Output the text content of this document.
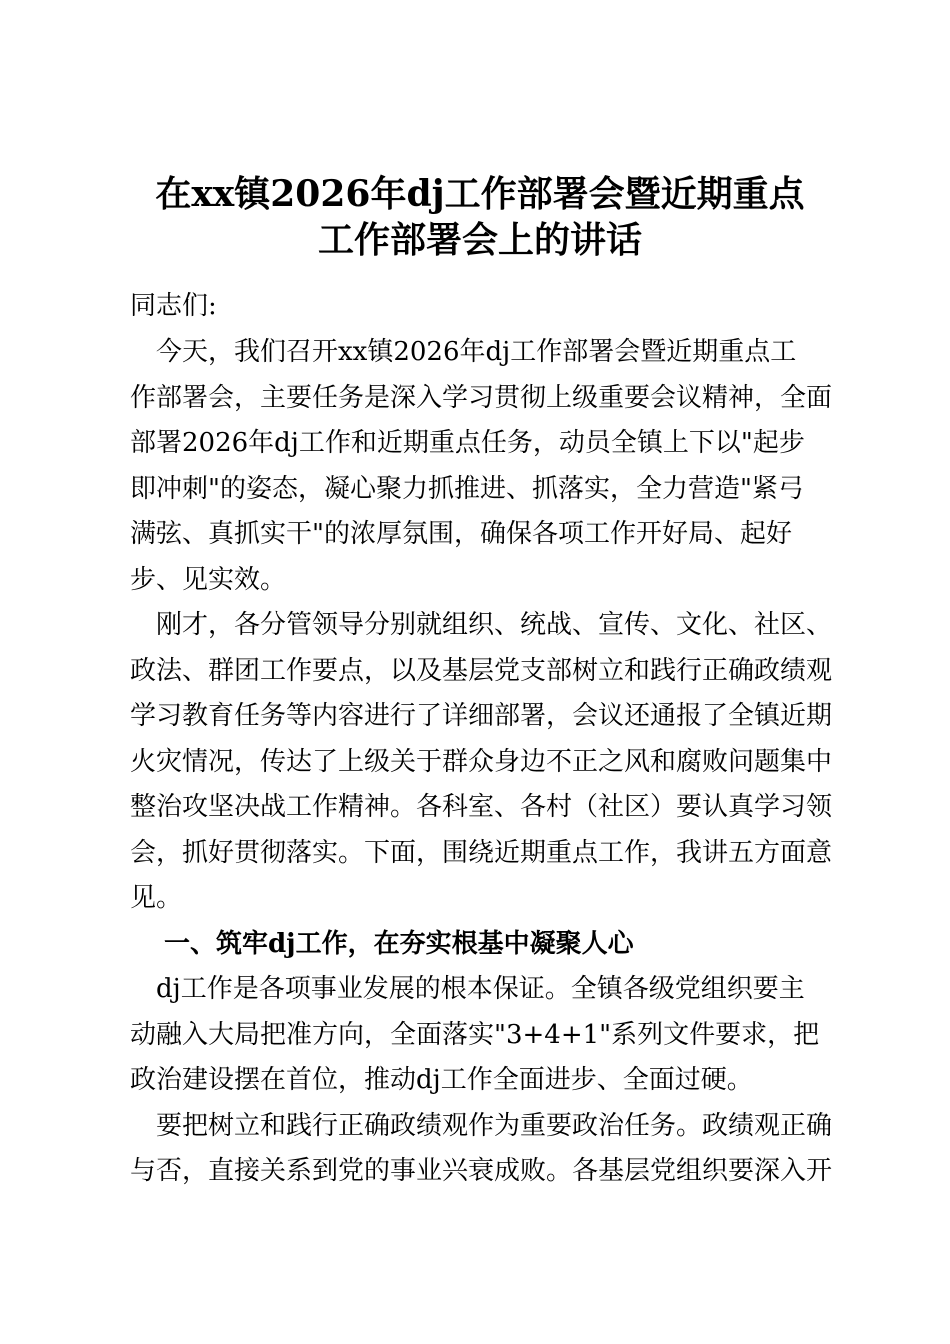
在xx镇2026年dj工作部署会暨近期重点
工作部署会上的讲话

同志们:

　今天，我们召开xx镇2026年dj工作部署会暨近期重点工
作部署会，主要任务是深入学习贯彻上级重要会议精神，全面
部署2026年dj工作和近期重点任务，动员全镇上下以"起步
即冲刺"的姿态，凝心聚力抓推进、抓落实，全力营造"紧弓
满弦、真抓实干"的浓厚氛围，确保各项工作开好局、起好
步、见实效。

　刚才，各分管领导分别就组织、统战、宣传、文化、社区、
政法、群团工作要点，以及基层党支部树立和践行正确政绩观
学习教育任务等内容进行了详细部署，会议还通报了全镇近期
火灾情况，传达了上级关于群众身边不正之风和腐败问题集中
整治攻坚决战工作精神。各科室、各村（社区）要认真学习领
会，抓好贯彻落实。下面，围绕近期重点工作，我讲五方面意
见。

一、筑牢dj工作，在夯实根基中凝聚人心

　dj工作是各项事业发展的根本保证。全镇各级党组织要主
动融入大局把准方向，全面落实"3+4+1"系列文件要求，把
政治建设摆在首位，推动dj工作全面进步、全面过硬。

　要把树立和践行正确政绩观作为重要政治任务。政绩观正确
与否，直接关系到党的事业兴衰成败。各基层党组织要深入开
